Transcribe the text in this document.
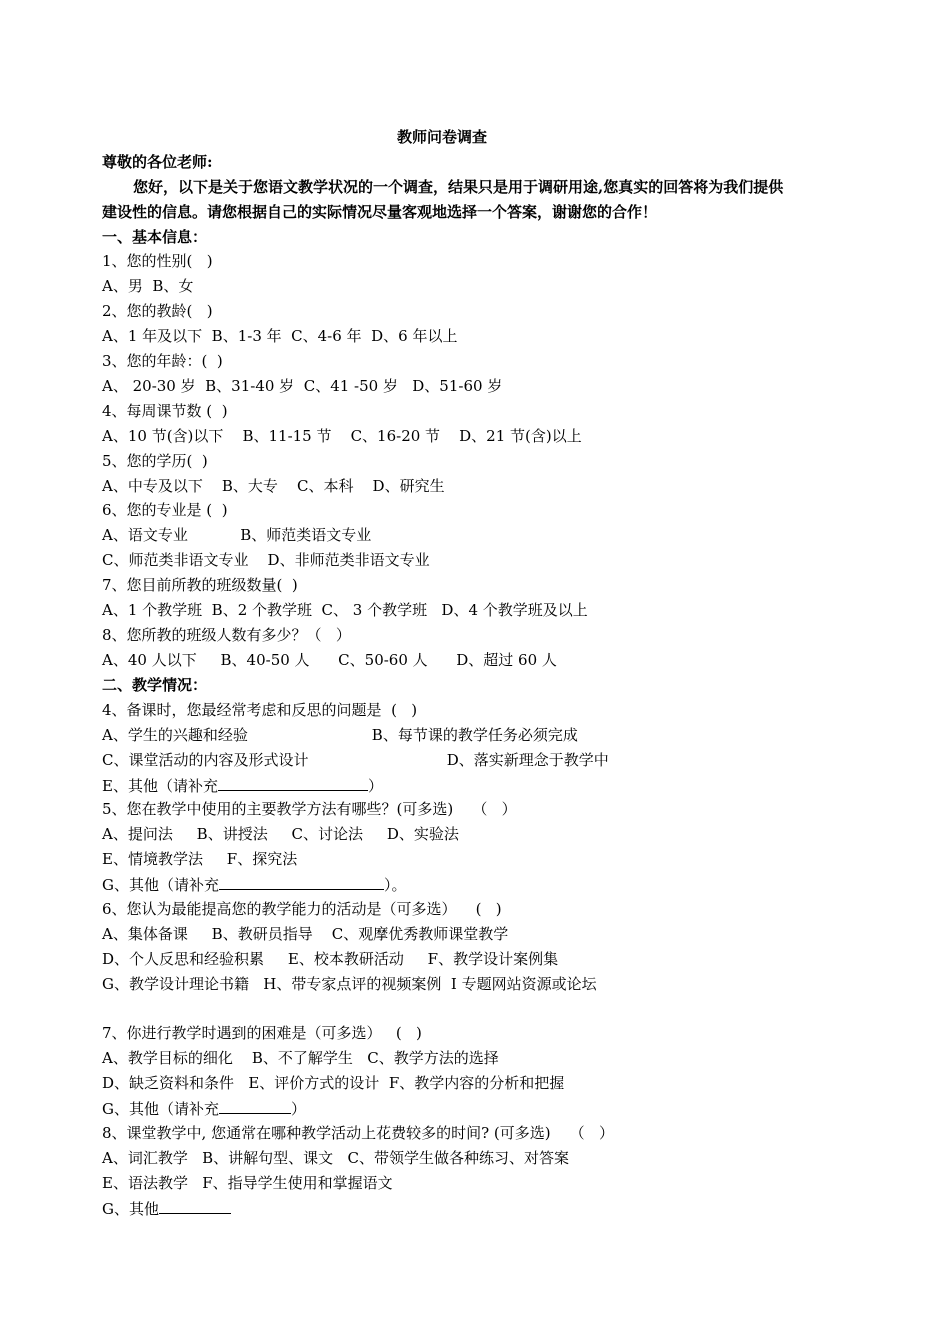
教师问卷调查
尊敬的各位老师:
您好，以下是关于您语文教学状况的一个调查，结果只是用于调研用途,您真实的回答将为我们提供
建设性的信息。请您根据自己的实际情况尽量客观地选择一个答案，谢谢您的合作！
一、基本信息：
1、您的性别(   )
A、男  B、女
2、您的教龄(   )
A、1 年及以下  B、1-3 年  C、4-6 年  D、6 年以上
3、您的年龄：(  )
A、 20-30 岁  B、31-40 岁  C、41 -50 岁   D、51-60 岁
4、每周课节数 (  )
A、10 节(含)以下    B、11-15 节    C、16-20 节    D、21 节(含)以上
5、您的学历(  )
A、中专及以下    B、大专    C、本科    D、研究生
6、您的专业是 (  )
A、语文专业           B、师范类语文专业
C、师范类非语文专业    D、非师范类非语文专业
7、您目前所教的班级数量(  )
A、1 个教学班  B、2 个教学班  C、 3 个教学班   D、4 个教学班及以上
8、您所教的班级人数有多少？（   ）
A、40 人以下     B、40-50 人      C、50-60 人      D、超过 60 人
二、教学情况：
4、备课时，您最经常考虑和反思的问题是  (   )
A、学生的兴趣和经验                          B、每节课的教学任务必须完成
C、课堂活动的内容及形式设计                             D、落实新理念于教学中
E、其他（请补充	）
5、您在教学中使用的主要教学方法有哪些？(可多选)    （   ）
A、提问法     B、讲授法     C、讨论法     D、实验法
E、情境教学法     F、探究法
G、其他（请补充	）。
6、您认为最能提高您的教学能力的活动是（可多选）    (   )
A、集体备课     B、教研员指导    C、观摩优秀教师课堂教学
D、个人反思和经验积累     E、校本教研活动     F、教学设计案例集
G、教学设计理论书籍   H、带专家点评的视频案例  I 专题网站资源或论坛
7、你进行教学时遇到的困难是（可多选）   (   )
A、教学目标的细化    B、不了解学生   C、教学方法的选择
D、缺乏资料和条件   E、评价方式的设计  F、教学内容的分析和把握
G、其他（请补充	）
8、课堂教学中, 您通常在哪种教学活动上花费较多的时间? (可多选)    （   ）
A、词汇教学   B、讲解句型、课文   C、带领学生做各种练习、对答案
E、语法教学   F、指导学生使用和掌握语文
G、其他
